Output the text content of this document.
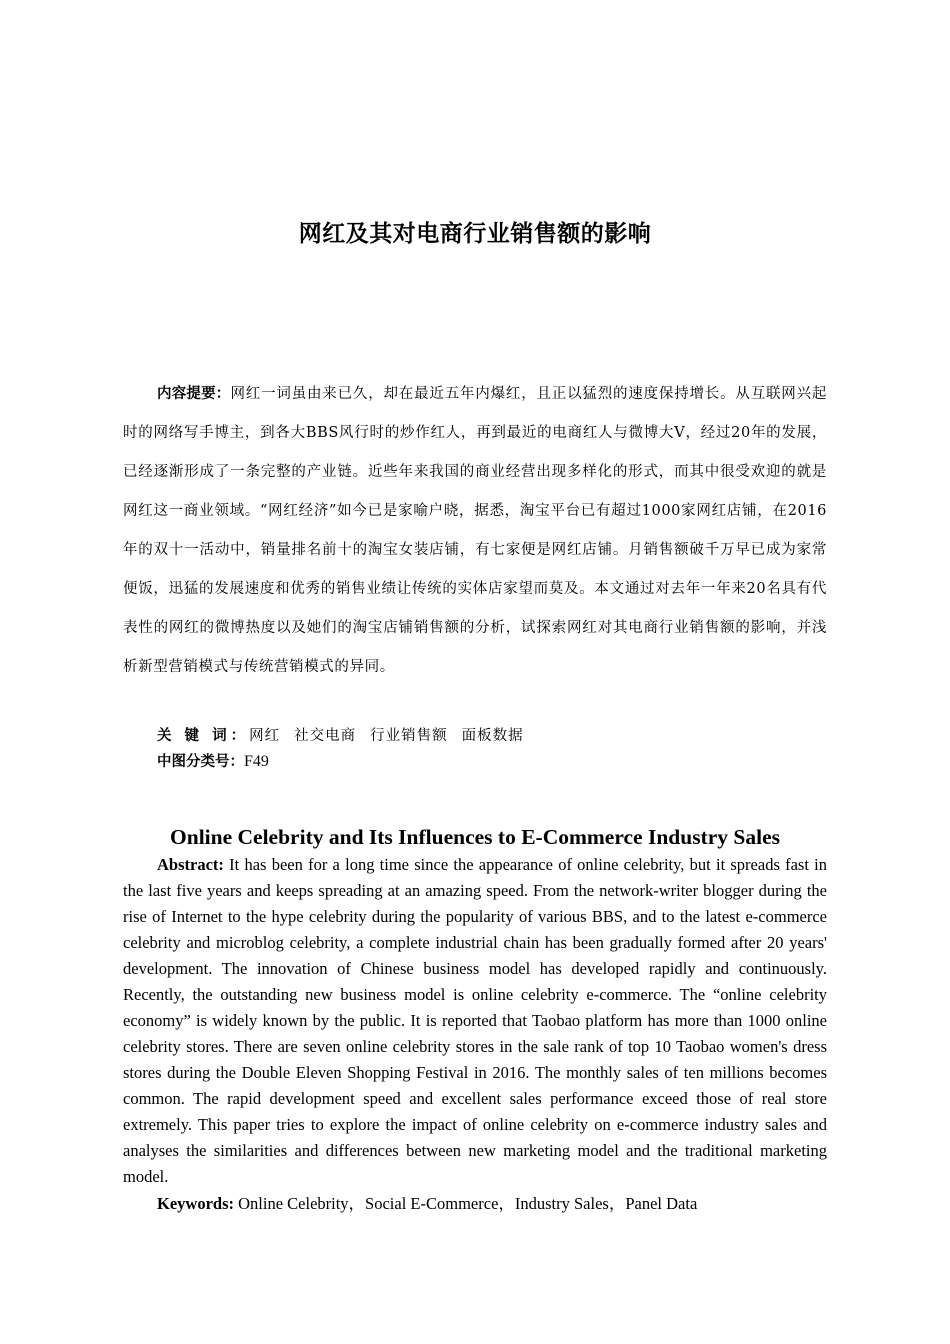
网红及其对电商行业销售额的影响

内容提要：网红一词虽由来已久，却在最近五年内爆红，且正以猛烈的速度保持增长。从互联网兴起时的网络写手博主，到各大BBS风行时的炒作红人，再到最近的电商红人与微博大V，经过20年的发展，已经逐渐形成了一条完整的产业链。近些年来我国的商业经营出现多样化的形式，而其中很受欢迎的就是网红这一商业领域。“网红经济”如今已是家喻户晓，据悉，淘宝平台已有超过1000家网红店铺，在2016年的双十一活动中，销量排名前十的淘宝女装店铺，有七家便是网红店铺。月销售额破千万早已成为家常便饭，迅猛的发展速度和优秀的销售业绩让传统的实体店家望而莫及。本文通过对去年一年来20名具有代表性的网红的微博热度以及她们的淘宝店铺销售额的分析，试探索网红对其电商行业销售额的影响，并浅析新型营销模式与传统营销模式的异同。

关 键 词：网红 社交电商 行业销售额 面板数据

中图分类号：F49

Online Celebrity and Its Influences to E-Commerce Industry Sales

Abstract: It has been for a long time since the appearance of online celebrity, but it spreads fast in the last five years and keeps spreading at an amazing speed. From the network-writer blogger during the rise of Internet to the hype celebrity during the popularity of various BBS, and to the latest e-commerce celebrity and microblog celebrity, a complete industrial chain has been gradually formed after 20 years' development. The innovation of Chinese business model has developed rapidly and continuously. Recently, the outstanding new business model is online celebrity e-commerce. The “online celebrity economy” is widely known by the public. It is reported that Taobao platform has more than 1000 online celebrity stores. There are seven online celebrity stores in the sale rank of top 10 Taobao women's dress stores during the Double Eleven Shopping Festival in 2016. The monthly sales of ten millions becomes common. The rapid development speed and excellent sales performance exceed those of real store extremely. This paper tries to explore the impact of online celebrity on e-commerce industry sales and analyses the similarities and differences between new marketing model and the traditional marketing model.

Keywords: Online Celebrity，Social E-Commerce，Industry Sales，Panel Data
